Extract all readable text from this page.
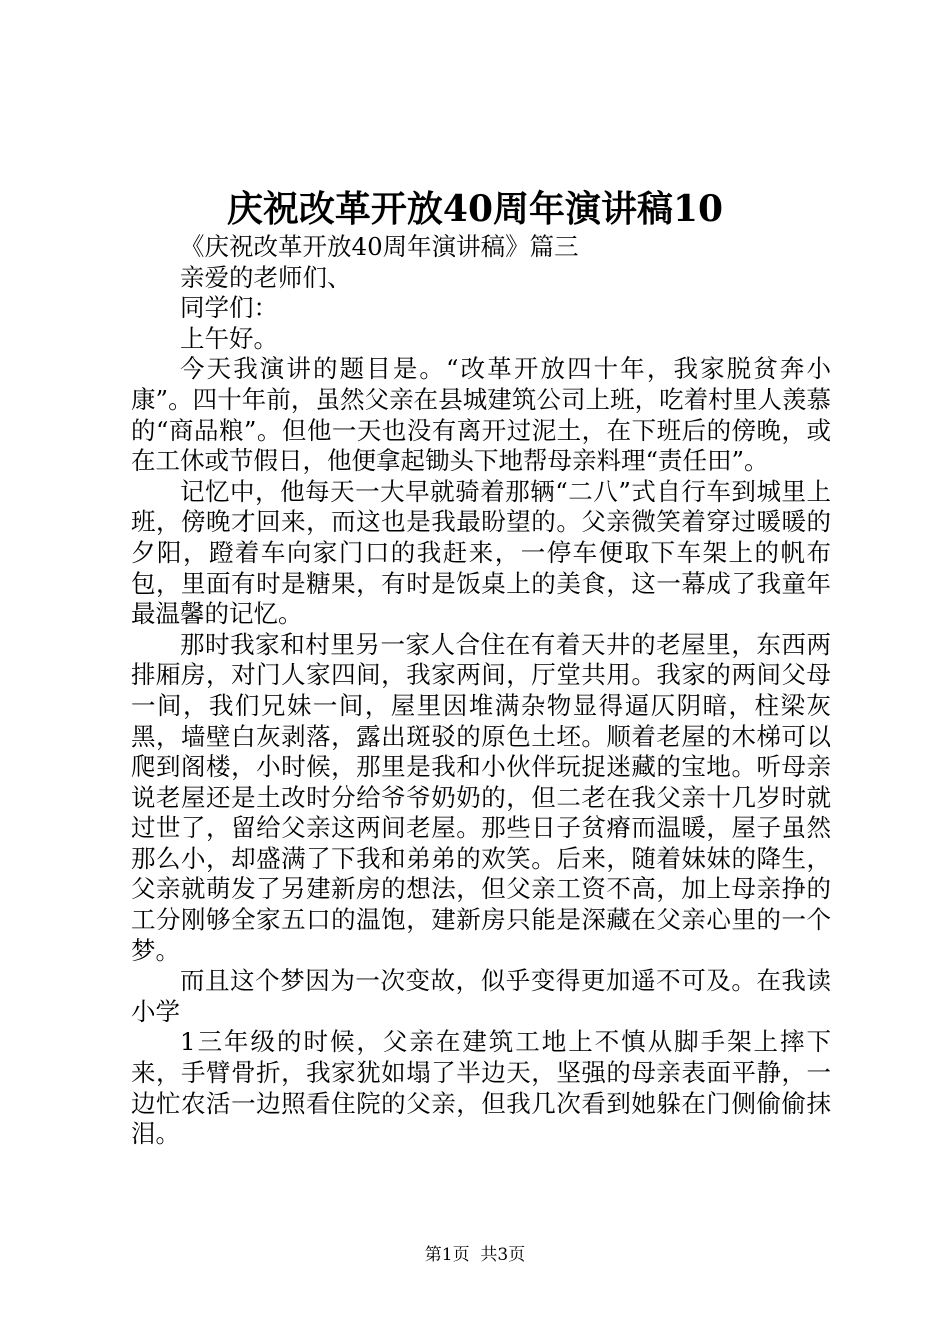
庆祝改革开放40周年演讲稿10

《庆祝改革开放40周年演讲稿》篇三

亲爱的老师们、

同学们：

上午好。

今天我演讲的题目是。“改革开放四十年，我家脱贫奔小康”。四十年前，虽然父亲在县城建筑公司上班，吃着村里人羡慕的“商品粮”。但他一天也没有离开过泥土，在下班后的傍晚，或在工休或节假日，他便拿起锄头下地帮母亲料理“责任田”。

记忆中，他每天一大早就骑着那辆“二八”式自行车到城里上班，傍晚才回来，而这也是我最盼望的。父亲微笑着穿过暖暖的夕阳，蹬着车向家门口的我赶来，一停车便取下车架上的帆布包，里面有时是糖果，有时是饭桌上的美食，这一幕成了我童年最温馨的记忆。

那时我家和村里另一家人合住在有着天井的老屋里，东西两排厢房，对门人家四间，我家两间，厅堂共用。我家的两间父母一间，我们兄妹一间，屋里因堆满杂物显得逼仄阴暗，柱梁灰黑，墙壁白灰剥落，露出斑驳的原色土坯。顺着老屋的木梯可以爬到阁楼，小时候，那里是我和小伙伴玩捉迷藏的宝地。听母亲说老屋还是土改时分给爷爷奶奶的，但二老在我父亲十几岁时就过世了，留给父亲这两间老屋。那些日子贫瘠而温暖，屋子虽然那么小，却盛满了下我和弟弟的欢笑。后来，随着妹妹的降生，父亲就萌发了另建新房的想法，但父亲工资不高，加上母亲挣的工分刚够全家五口的温饱，建新房只能是深藏在父亲心里的一个梦。

而且这个梦因为一次变故，似乎变得更加遥不可及。在我读小学

1三年级的时候，父亲在建筑工地上不慎从脚手架上摔下来，手臂骨折，我家犹如塌了半边天，坚强的母亲表面平静，一边忙农活一边照看住院的父亲，但我几次看到她躲在门侧偷偷抹泪。

第1页 共3页
